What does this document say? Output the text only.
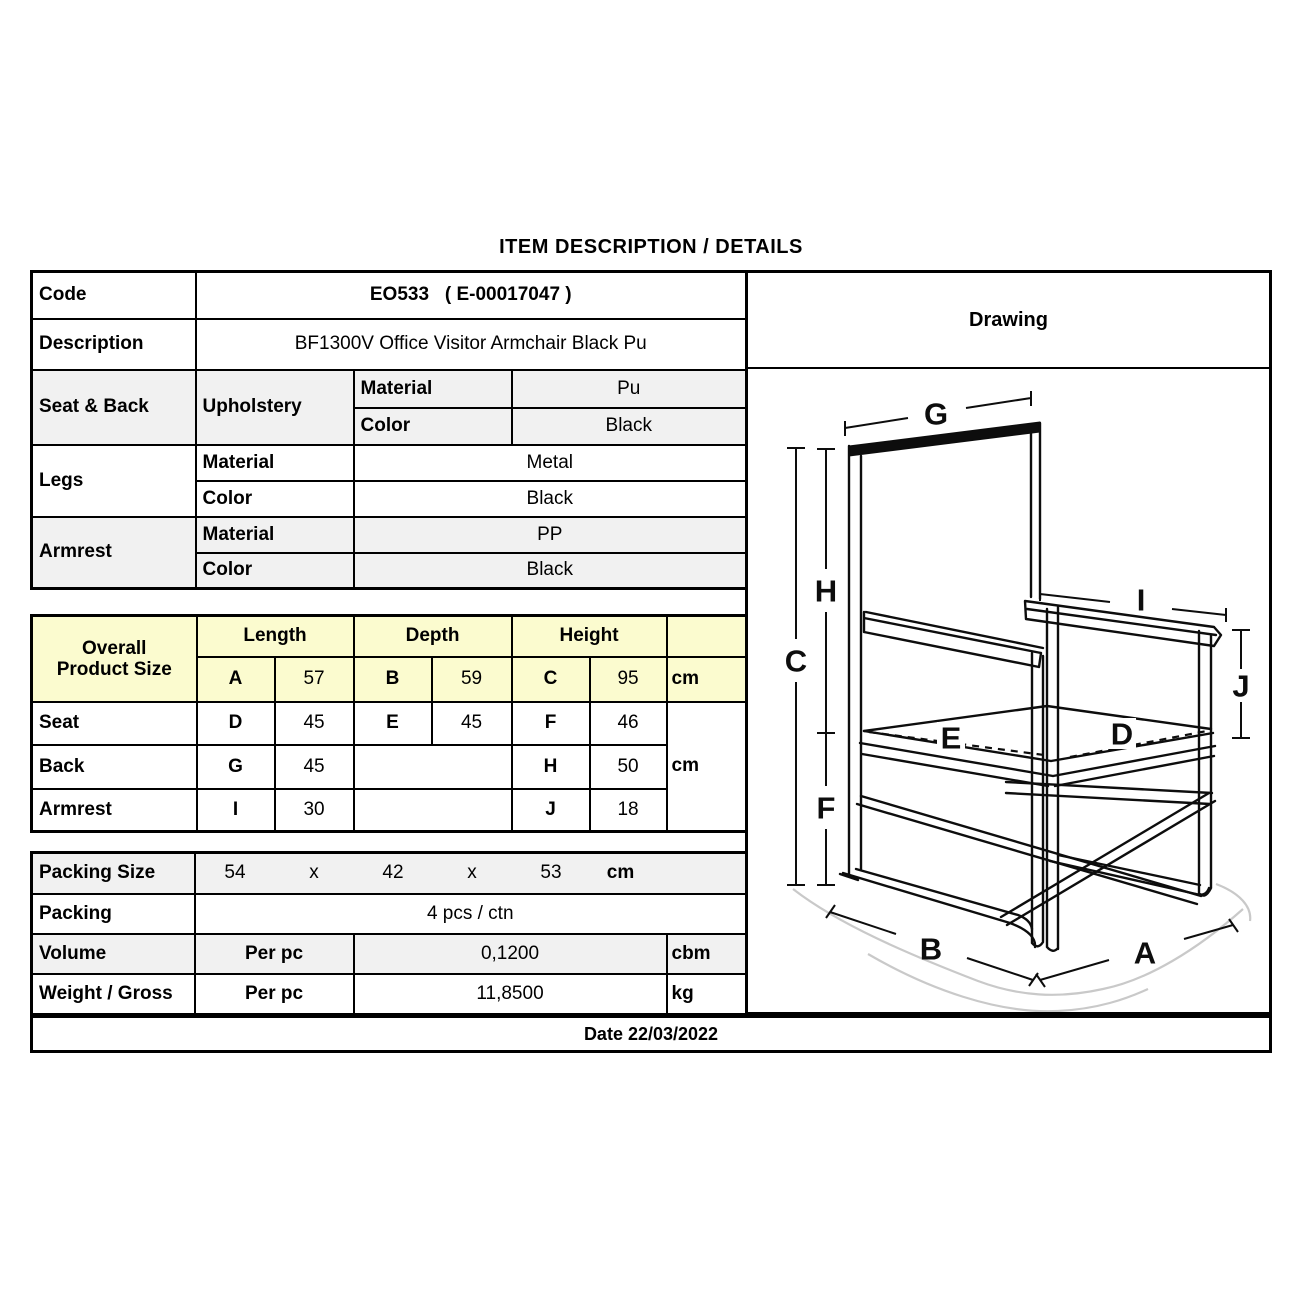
ITEM DESCRIPTION / DETAILS
Code	EO533   ( E-00017047 )		
Description	BF1300V Office Visitor Armchair Black Pu		
Seat & Back	Upholstery	Material	Pu
		Color	Black
Legs	Material	Metal	
	Color	Black	
Armrest	Material	PP	
	Color	Black	
Overall
Product Size	Length		Depth		Height		
	A	57	B	59	C	95	cm
Seat	D	45	E	45	F	46	cm
Back	G	45			H	50	
Armrest	I	30			J	18	
Packing Size	54	x	42	x	53	cm

Packing	4 pcs / ctn		
Volume	Per pc	0,1200	cbm
Weight / Gross	Per pc	11,8500	kg
Date 22/03/2022
Drawing
G
H
C
F
I
J
E	D
B	A
